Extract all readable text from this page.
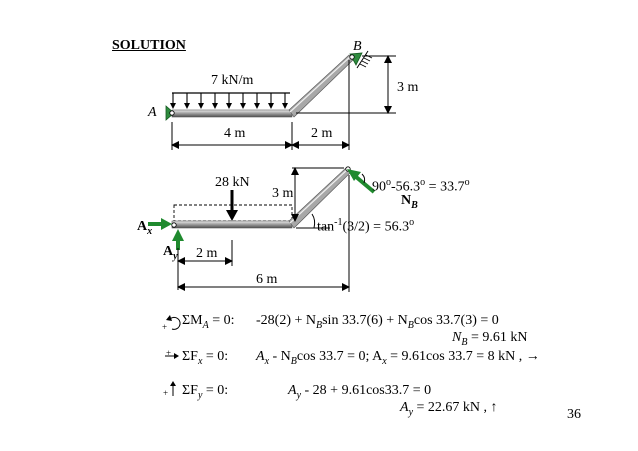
SOLUTION
A
B
7 kN/m
4 m	2 m
3 m
28 kN
3 m	$90^o-56.3^o = 33.7^o$
$N_B$
$\tan^{-1}(3/2) = 56.3^o$
$A_x$
$A_y$ 2 m
6 m
+ $\Sigma M_A = 0$: $-28(2) + N_B\sin$ $33.7(6) + N_B\cos$ 33.7(3) = 0
$N_B = 9.61$ kN
+ $\Sigma F_x = 0$: $A_x - N_B\cos$ 33.7 = 0; $A_x = 9.61\cos$ 33.7 = 8 kN , →
+ $\Sigma F_y = 0$:	$A_y - 28 + 9.61\cos 33.7 = 0$
$A_y = 22.67$ kN , ↑	36
